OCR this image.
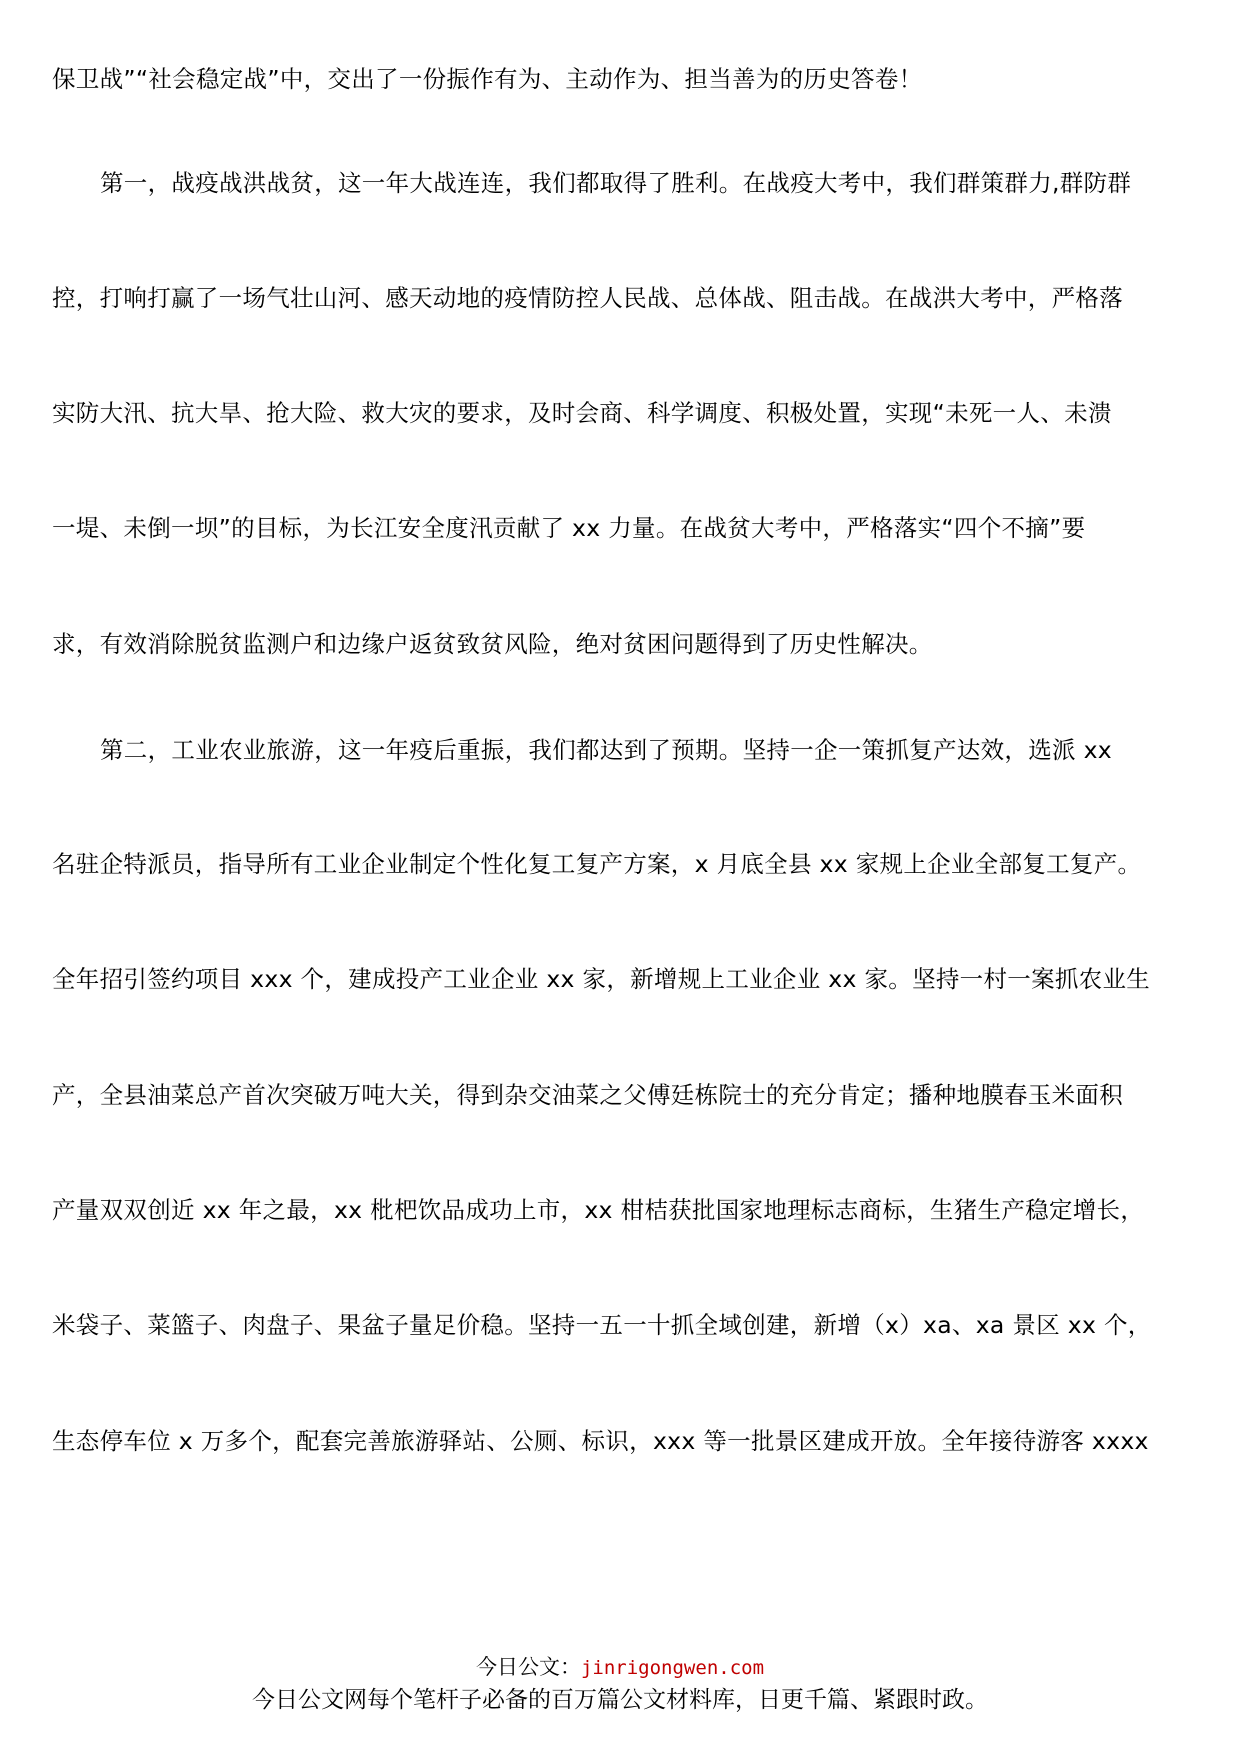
保卫战”“社会稳定战”中，交出了一份振作有为、主动作为、担当善为的历史答卷！
第一，战疫战洪战贫，这一年大战连连，我们都取得了胜利。在战疫大考中，我们群策群力,群防群
控，打响打赢了一场气壮山河、感天动地的疫情防控人民战、总体战、阻击战。在战洪大考中，严格落
实防大汛、抗大旱、抢大险、救大灾的要求，及时会商、科学调度、积极处置，实现“未死一人、未溃
一堤、未倒一坝”的目标，为长江安全度汛贡献了 xx 力量。在战贫大考中，严格落实“四个不摘”要
求，有效消除脱贫监测户和边缘户返贫致贫风险，绝对贫困问题得到了历史性解决。
第二，工业农业旅游，这一年疫后重振，我们都达到了预期。坚持一企一策抓复产达效，选派 xx
名驻企特派员，指导所有工业企业制定个性化复工复产方案，x 月底全县 xx 家规上企业全部复工复产。
全年招引签约项目 xxx 个，建成投产工业企业 xx 家，新增规上工业企业 xx 家。坚持一村一案抓农业生
产，全县油菜总产首次突破万吨大关，得到杂交油菜之父傅廷栋院士的充分肯定；播种地膜春玉米面积
产量双双创近 xx 年之最，xx 枇杷饮品成功上市，xx 柑桔获批国家地理标志商标，生猪生产稳定增长，
米袋子、菜篮子、肉盘子、果盆子量足价稳。坚持一五一十抓全域创建，新增（x）xa、xa 景区 xx 个，
生态停车位 x 万多个，配套完善旅游驿站、公厕、标识，xxx 等一批景区建成开放。全年接待游客 xxxx
今日公文：jinrigongwen.com
今日公文网每个笔杆子必备的百万篇公文材料库，日更千篇、紧跟时政。
